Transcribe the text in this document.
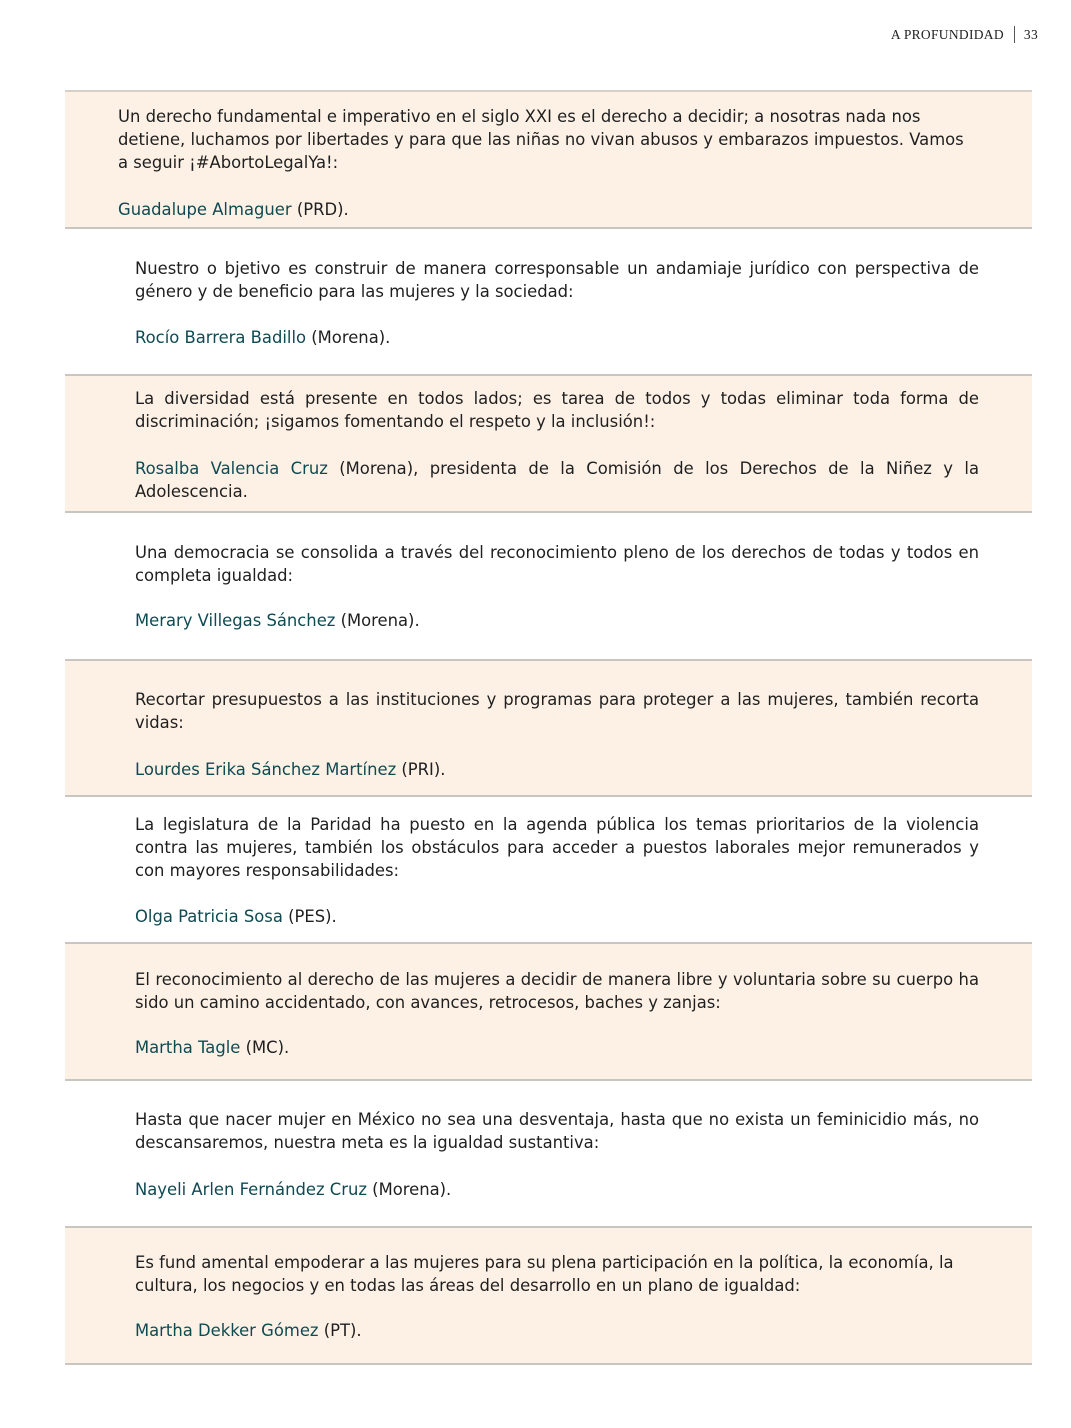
A PROFUNDIDAD 33

Un derecho fundamental e imperativo en el siglo XXI es el derecho a decidir; a nosotras nada nos detiene, luchamos por libertades y para que las niñas no vivan abusos y embarazos impuestos. Vamos a seguir ¡#AbortoLegalYa!:

Guadalupe Almaguer (PRD).

Nuestro o bjetivo es construir de manera corresponsable un andamiaje jurídico con perspectiva de género y de beneficio para las mujeres y la sociedad:

Rocío Barrera Badillo (Morena).

La diversidad está presente en todos lados; es tarea de todos y todas eliminar toda forma de discriminación; ¡sigamos fomentando el respeto y la inclusión!:

Rosalba Valencia Cruz (Morena), presidenta de la Comisión de los Derechos de la Niñez y la Adolescencia.

Una democracia se consolida a través del reconocimiento pleno de los derechos de todas y todos en completa igualdad:

Merary Villegas Sánchez (Morena).

Recortar presupuestos a las instituciones y programas para proteger a las mujeres, también recorta vidas:

Lourdes Erika Sánchez Martínez (PRI).

La legislatura de la Paridad ha puesto en la agenda pública los temas prioritarios de la violencia contra las mujeres, también los obstáculos para acceder a puestos laborales mejor remunerados y con mayores responsabilidades:

Olga Patricia Sosa (PES).

El reconocimiento al derecho de las mujeres a decidir de manera libre y voluntaria sobre su cuerpo ha sido un camino accidentado, con avances, retrocesos, baches y zanjas:

Martha Tagle (MC).

Hasta que nacer mujer en México no sea una desventaja, hasta que no exista un feminicidio más, no descansaremos, nuestra meta es la igualdad sustantiva:

Nayeli Arlen Fernández Cruz (Morena).

Es fund amental empoderar a las mujeres para su plena participación en la política, la economía, la cultura, los negocios y en todas las áreas del desarrollo en un plano de igualdad:

Martha Dekker Gómez (PT).
